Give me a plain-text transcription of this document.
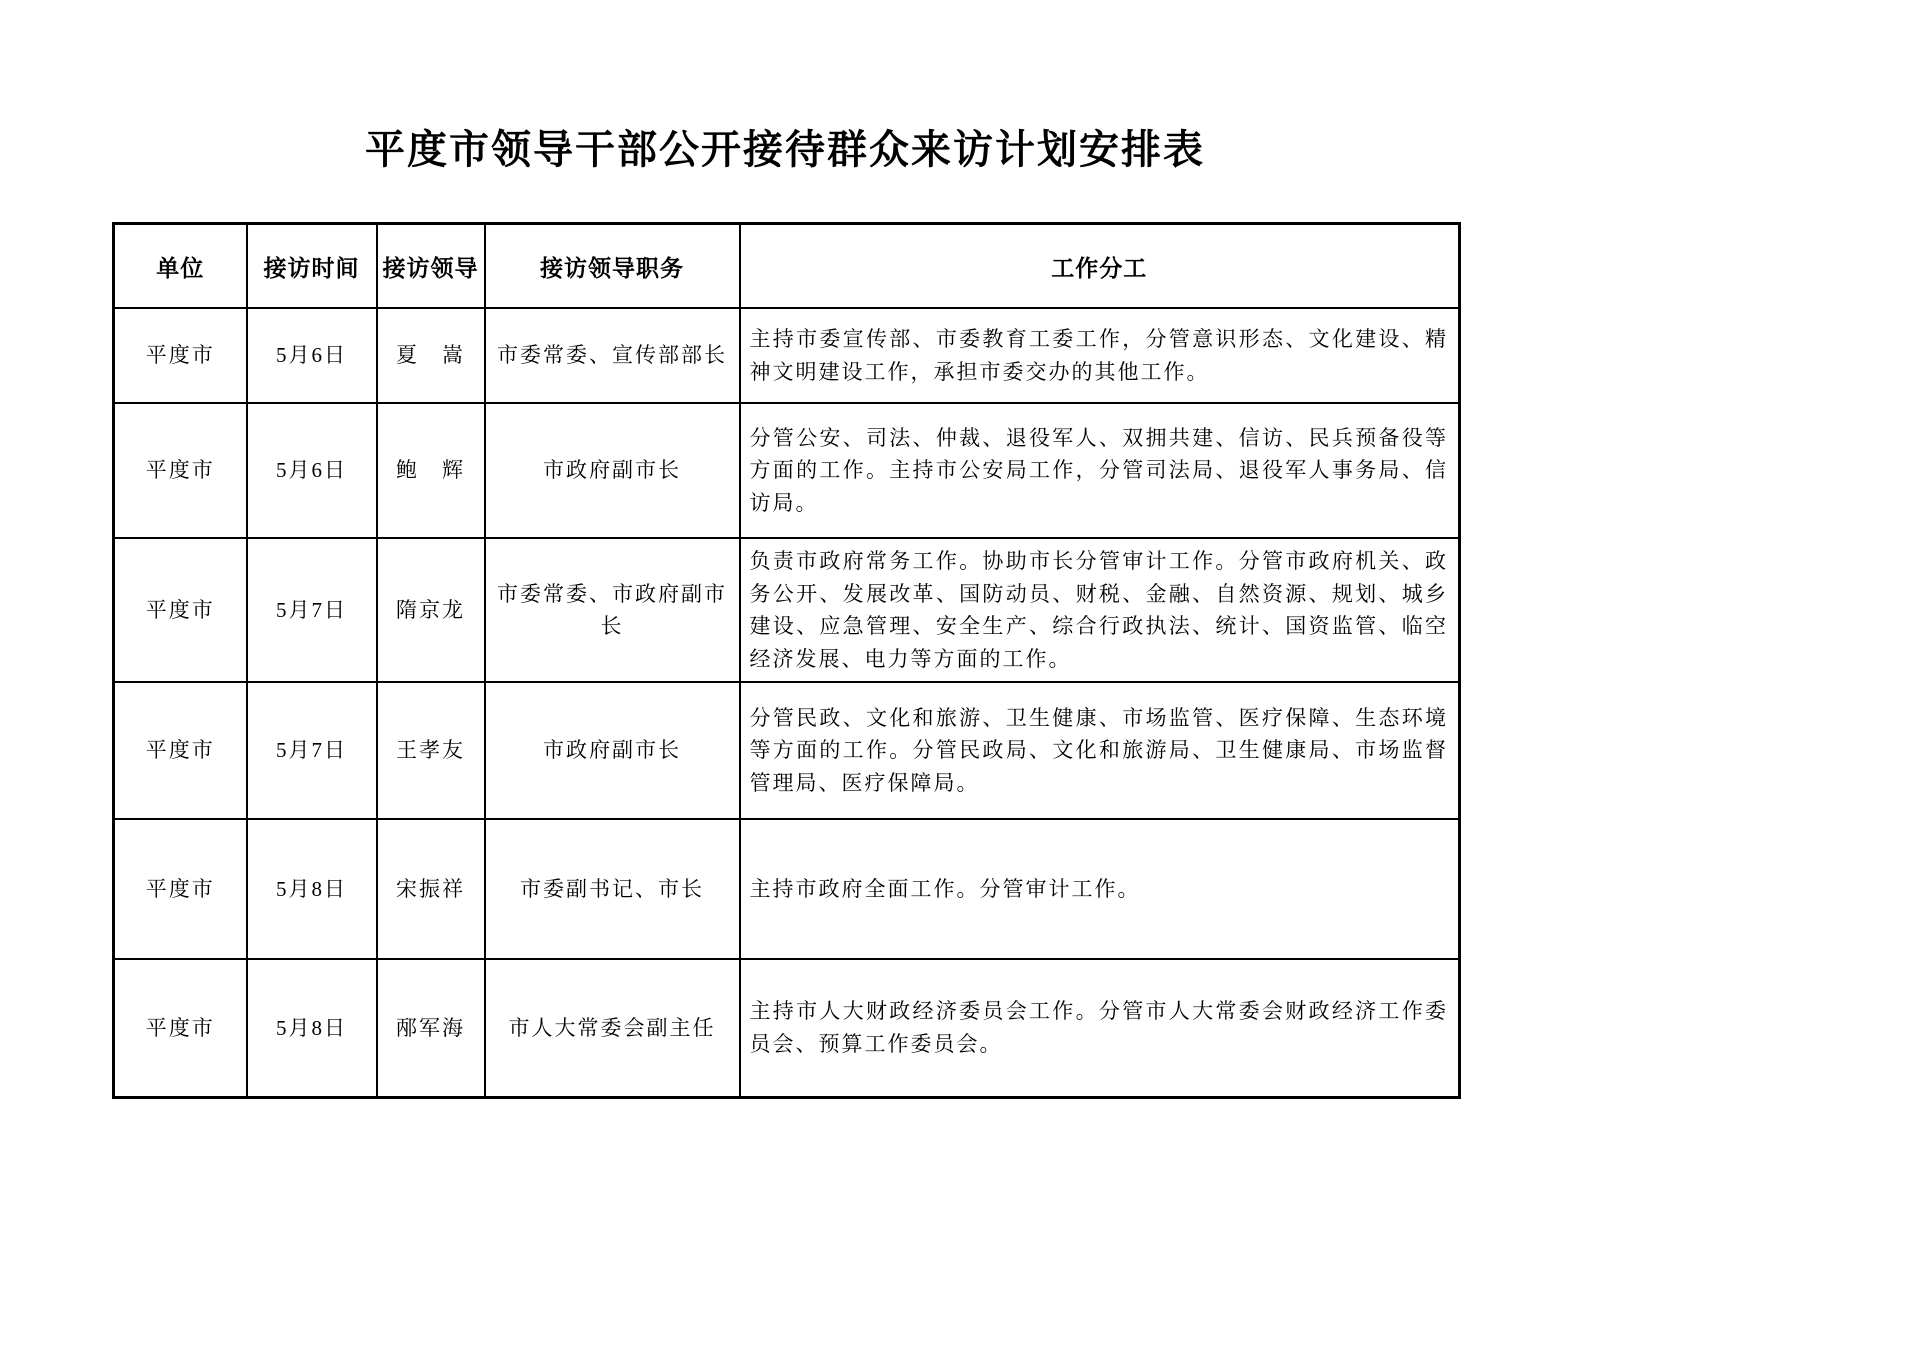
平度市领导干部公开接待群众来访计划安排表
单位	接访时间	接访领导	接访领导职务	工作分工
平度市	5月6日	夏　嵩	市委常委、宣传部部长	主持市委宣传部、市委教育工委工作，分管意识形态、文化建设、精神文明建设工作，承担市委交办的其他工作。
平度市	5月6日	鲍　辉	市政府副市长	分管公安、司法、仲裁、退役军人、双拥共建、信访、民兵预备役等方面的工作。主持市公安局工作，分管司法局、退役军人事务局、信访局。
平度市	5月7日	隋京龙	市委常委、市政府副市长	负责市政府常务工作。协助市长分管审计工作。分管市政府机关、政务公开、发展改革、国防动员、财税、金融、自然资源、规划、城乡建设、应急管理、安全生产、综合行政执法、统计、国资监管、临空经济发展、电力等方面的工作。
平度市	5月7日	王孝友	市政府副市长	分管民政、文化和旅游、卫生健康、市场监管、医疗保障、生态环境等方面的工作。分管民政局、文化和旅游局、卫生健康局、市场监督管理局、医疗保障局。
平度市	5月8日	宋振祥	市委副书记、市长	主持市政府全面工作。分管审计工作。
平度市	5月8日	邴军海	市人大常委会副主任	主持市人大财政经济委员会工作。分管市人大常委会财政经济工作委员会、预算工作委员会。
